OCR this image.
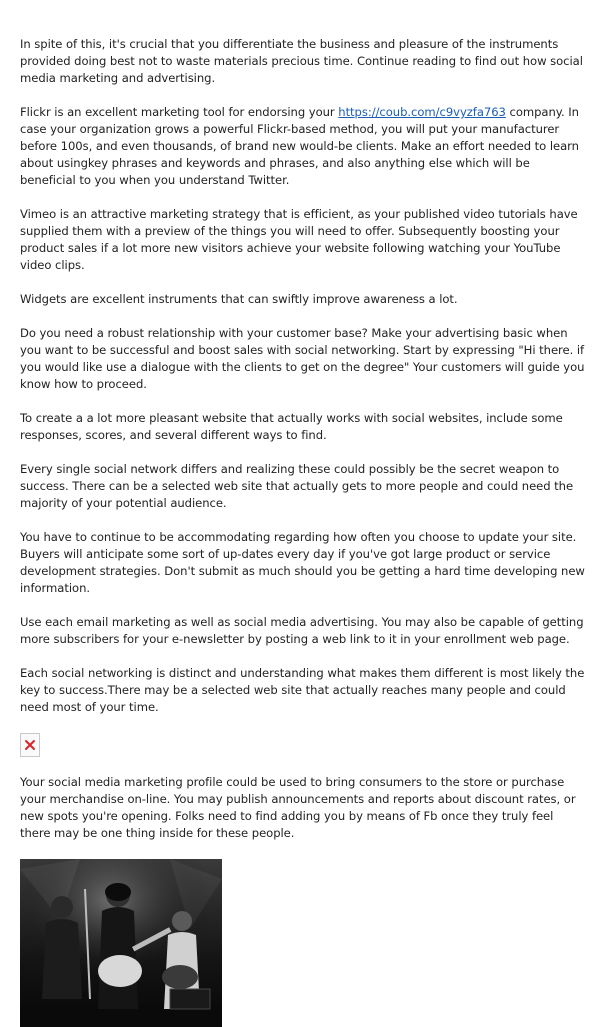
In spite of this, it's crucial that you differentiate the business and pleasure of the instruments provided doing best not to waste materials precious time. Continue reading to find out how social media marketing and advertising.

Flickr is an excellent marketing tool for endorsing your https://coub.com/c9vyzfa763 company. In case your organization grows a powerful Flickr-based method, you will put your manufacturer before 100s, and even thousands, of brand new would-be clients. Make an effort needed to learn about usingkey phrases and keywords and phrases, and also anything else which will be beneficial to you when you understand Twitter.

Vimeo is an attractive marketing strategy that is efficient, as your published video tutorials have supplied them with a preview of the things you will need to offer. Subsequently boosting your product sales if a lot more new visitors achieve your website following watching your YouTube video clips.

Widgets are excellent instruments that can swiftly improve awareness a lot.

Do you need a robust relationship with your customer base? Make your advertising basic when you want to be successful and boost sales with social networking. Start by expressing "Hi there. if you would like use a dialogue with the clients to get on the degree" Your customers will guide you know how to proceed.

To create a a lot more pleasant website that actually works with social websites, include some responses, scores, and several different ways to find.

Every single social network differs and realizing these could possibly be the secret weapon to success. There can be a selected web site that actually gets to more people and could need the majority of your potential audience.

You have to continue to be accommodating regarding how often you choose to update your site. Buyers will anticipate some sort of up-dates every day if you've got large product or service development strategies. Don't submit as much should you be getting a hard time developing new information.

Use each email marketing as well as social media advertising. You may also be capable of getting more subscribers for your e-newsletter by posting a web link to it in your enrollment web page.

Each social networking is distinct and understanding what makes them different is most likely the key to success.There may be a selected web site that actually reaches many people and could need most of your time.

Your social media marketing profile could be used to bring consumers to the store or purchase your merchandise on-line. You may publish announcements and reports about discount rates, or new spots you're opening. Folks need to find adding you by means of Fb once they truly feel there may be one thing inside for these people.
